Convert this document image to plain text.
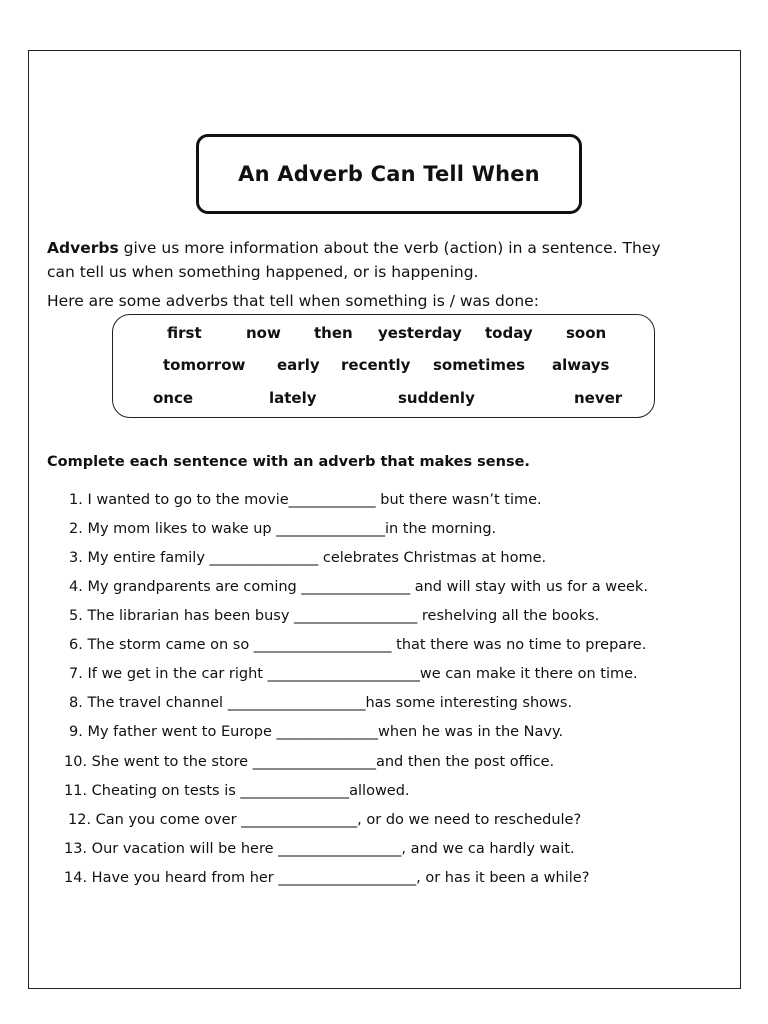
An Adverb Can Tell When
Adverbs give us more information about the verb (action) in a sentence. They
can tell us when something happened, or is happening.
Here are some adverbs that tell when something is / was done:
first	now then yesterday today soon
tomorrow early recently sometimes always
once	lately	suddenly	never
Complete each sentence with an adverb that makes sense.
1. I wanted to go to the movie____________ but there wasn’t time.
2. My mom likes to wake up _______________in the morning.
3. My entire family _______________ celebrates Christmas at home.
4. My grandparents are coming _______________ and will stay with us for a week.
5. The librarian has been busy _________________ reshelving all the books.
6. The storm came on so ___________________ that there was no time to prepare.
7. If we get in the car right _____________________we can make it there on time.
8. The travel channel ___________________has some interesting shows.
9. My father went to Europe ______________when he was in the Navy.
10. She went to the store _________________and then the post office.
11. Cheating on tests is _______________allowed.
12. Can you come over ________________, or do we need to reschedule?
13. Our vacation will be here _________________, and we ca hardly wait.
14. Have you heard from her ___________________, or has it been a while?
